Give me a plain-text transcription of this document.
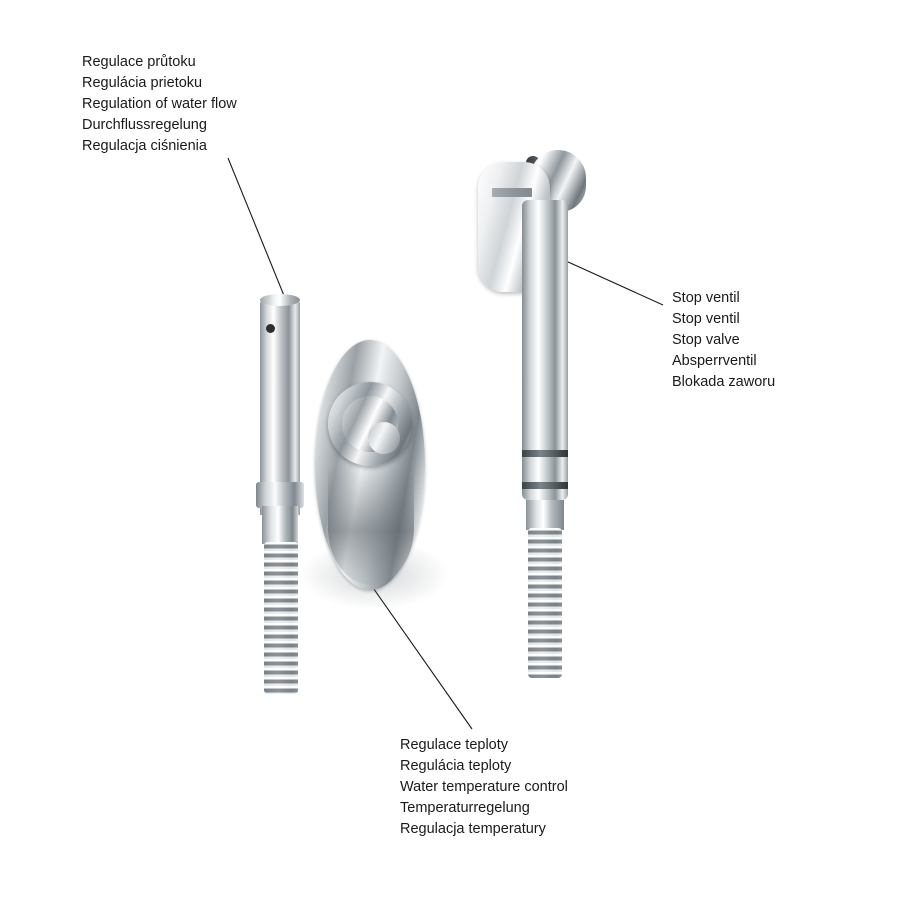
Regulace průtoku
Regulácia prietoku
Regulation of water flow
Durchflussregelung
Regulacja ciśnienia
Stop ventil
Stop ventil
Stop valve
Absperrventil
Blokada zaworu
Regulace teploty
Regulácia teploty
Water temperature control
Temperaturregelung
Regulacja temperatury
